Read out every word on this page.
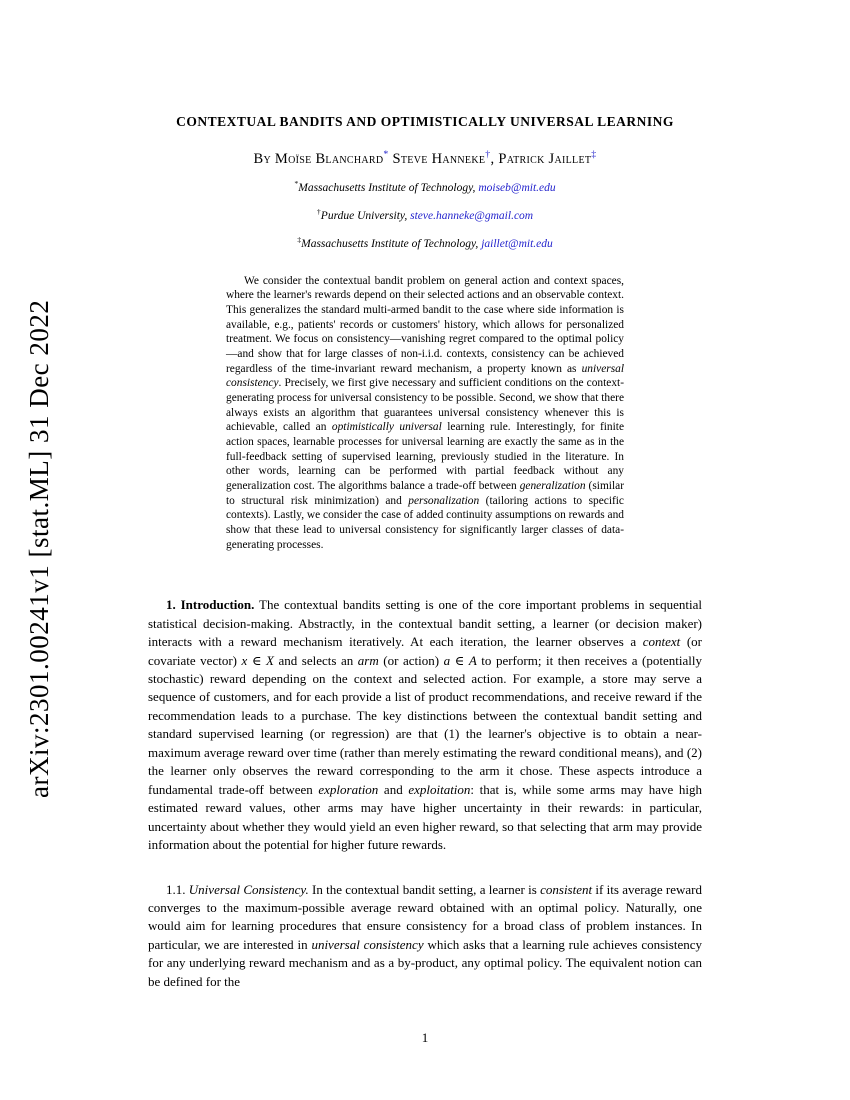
arXiv:2301.00241v1 [stat.ML] 31 Dec 2022
CONTEXTUAL BANDITS AND OPTIMISTICALLY UNIVERSAL LEARNING
By Moïse Blanchard* Steve Hanneke†, Patrick Jaillet‡
*Massachusetts Institute of Technology, moiseb@mit.edu
†Purdue University, steve.hanneke@gmail.com
‡Massachusetts Institute of Technology, jaillet@mit.edu
We consider the contextual bandit problem on general action and context spaces, where the learner's rewards depend on their selected actions and an observable context. This generalizes the standard multi-armed bandit to the case where side information is available, e.g., patients' records or customers' history, which allows for personalized treatment. We focus on consistency—vanishing regret compared to the optimal policy—and show that for large classes of non-i.i.d. contexts, consistency can be achieved regardless of the time-invariant reward mechanism, a property known as universal consistency. Precisely, we first give necessary and sufficient conditions on the context-generating process for universal consistency to be possible. Second, we show that there always exists an algorithm that guarantees universal consistency whenever this is achievable, called an optimistically universal learning rule. Interestingly, for finite action spaces, learnable processes for universal learning are exactly the same as in the full-feedback setting of supervised learning, previously studied in the literature. In other words, learning can be performed with partial feedback without any generalization cost. The algorithms balance a trade-off between generalization (similar to structural risk minimization) and personalization (tailoring actions to specific contexts). Lastly, we consider the case of added continuity assumptions on rewards and show that these lead to universal consistency for significantly larger classes of data-generating processes.

1. Introduction. The contextual bandits setting is one of the core important problems in sequential statistical decision-making. Abstractly, in the contextual bandit setting, a learner (or decision maker) interacts with a reward mechanism iteratively. At each iteration, the learner observes a context (or covariate vector) x ∈ X and selects an arm (or action) a ∈ A to perform; it then receives a (potentially stochastic) reward depending on the context and selected action. For example, a store may serve a sequence of customers, and for each provide a list of product recommendations, and receive reward if the recommendation leads to a purchase. The key distinctions between the contextual bandit setting and standard supervised learning (or regression) are that (1) the learner's objective is to obtain a near-maximum average reward over time (rather than merely estimating the reward conditional means), and (2) the learner only observes the reward corresponding to the arm it chose. These aspects introduce a fundamental trade-off between exploration and exploitation: that is, while some arms may have high estimated reward values, other arms may have higher uncertainty in their rewards: in particular, uncertainty about whether they would yield an even higher reward, so that selecting that arm may provide information about the potential for higher future rewards.

1.1. Universal Consistency. In the contextual bandit setting, a learner is consistent if its average reward converges to the maximum-possible average reward obtained with an optimal policy. Naturally, one would aim for learning procedures that ensure consistency for a broad class of problem instances. In particular, we are interested in universal consistency which asks that a learning rule achieves consistency for any underlying reward mechanism and as a by-product, any optimal policy. The equivalent notion can be defined for the

1
